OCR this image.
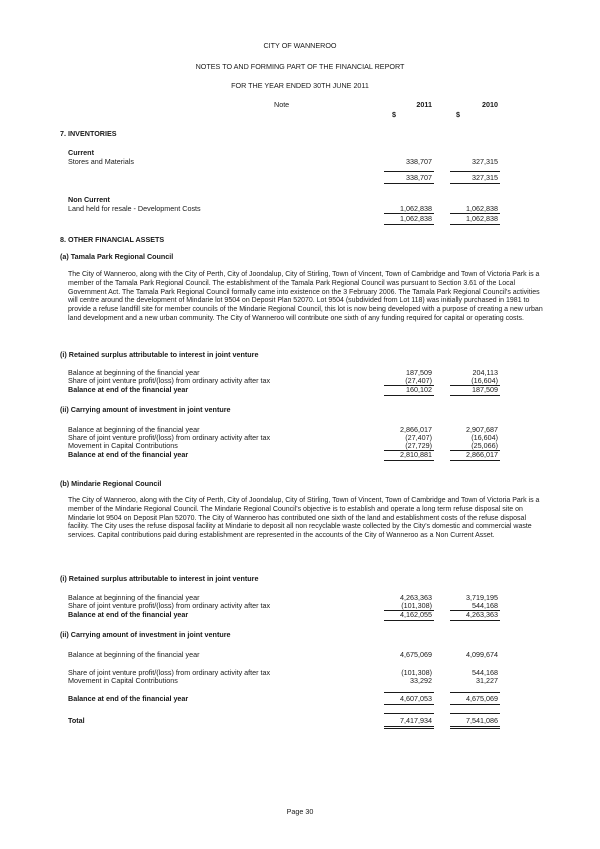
CITY OF WANNEROO
NOTES TO AND FORMING PART OF THE FINANCIAL REPORT
FOR THE YEAR ENDED 30TH JUNE 2011
Note	2011	2010
$	$
7. INVENTORIES
Current
Stores and Materials	338,707	327,315
338,707	327,315
Non Current
Land held for resale - Development Costs	1,062,838	1,062,838
1,062,838	1,062,838
8. OTHER FINANCIAL ASSETS
(a) Tamala Park Regional Council
The City of Wanneroo, along with the City of Perth, City of Joondalup, City of Stirling, Town of Vincent, Town of Cambridge and Town of Victoria Park is a member of the Tamala Park Regional Council. The establishment of the Tamala Park Regional Council was pursuant to Section 3.61 of the Local Government Act. The Tamala Park Regional Council formally came into existence on the 3 February 2006. The Tamala Park Regional Council's activities will centre around the development of Mindarie lot 9504 on Deposit Plan 52070. Lot 9504 (subdivided from Lot 118) was initially purchased in 1981 to provide a refuse landfill site for member councils of the Mindarie Regional Council, this lot is now being developed with a purpose of creating a new urban land development and a new urban community. The City of Wanneroo will contribute one sixth of any funding required for capital or operating costs.
(i) Retained surplus attributable to interest in joint venture
Balance at beginning of the financial year	187,509	204,113
Share of joint venture profit/(loss) from ordinary activity after tax	(27,407)	(16,604)
Balance at end of the financial year	160,102	187,509
(ii) Carrying amount of investment in joint venture
Balance at beginning of the financial year	2,866,017	2,907,687
Share of joint venture profit/(loss) from ordinary activity after tax	(27,407)	(16,604)
Movement in Capital Contributions	(27,729)	(25,066)
Balance at end of the financial year	2,810,881	2,866,017
(b) Mindarie Regional Council
The City of Wanneroo, along with the City of Perth, City of Joondalup, City of Stirling, Town of Vincent, Town of Cambridge and Town of Victoria Park is a member of the Mindarie Regional Council. The Mindarie Regional Council's objective is to establish and operate a long term refuse disposal site on Mindarie lot 9504 on Deposit Plan 52070. The City of Wanneroo has contributed one sixth of the land and establishment costs of the refuse disposal facility. The City uses the refuse disposal facility at Mindarie to deposit all non recyclable waste collected by the City's domestic and commercial waste services. Capital contributions paid during establishment are represented in the accounts of the City of Wanneroo as a Non Current Asset.
(i) Retained surplus attributable to interest in joint venture
Balance at beginning of the financial year	4,263,363	3,719,195
Share of joint venture profit/(loss) from ordinary activity after tax	(101,308)	544,168
Balance at end of the financial year	4,162,055	4,263,363
(ii) Carrying amount of investment in joint venture
Balance at beginning of the financial year	4,675,069	4,099,674
Share of joint venture profit/(loss) from ordinary activity after tax	(101,308)	544,168
Movement in Capital Contributions	33,292	31,227
Balance at end of the financial year	4,607,053	4,675,069
Total	7,417,934	7,541,086
Page 30
